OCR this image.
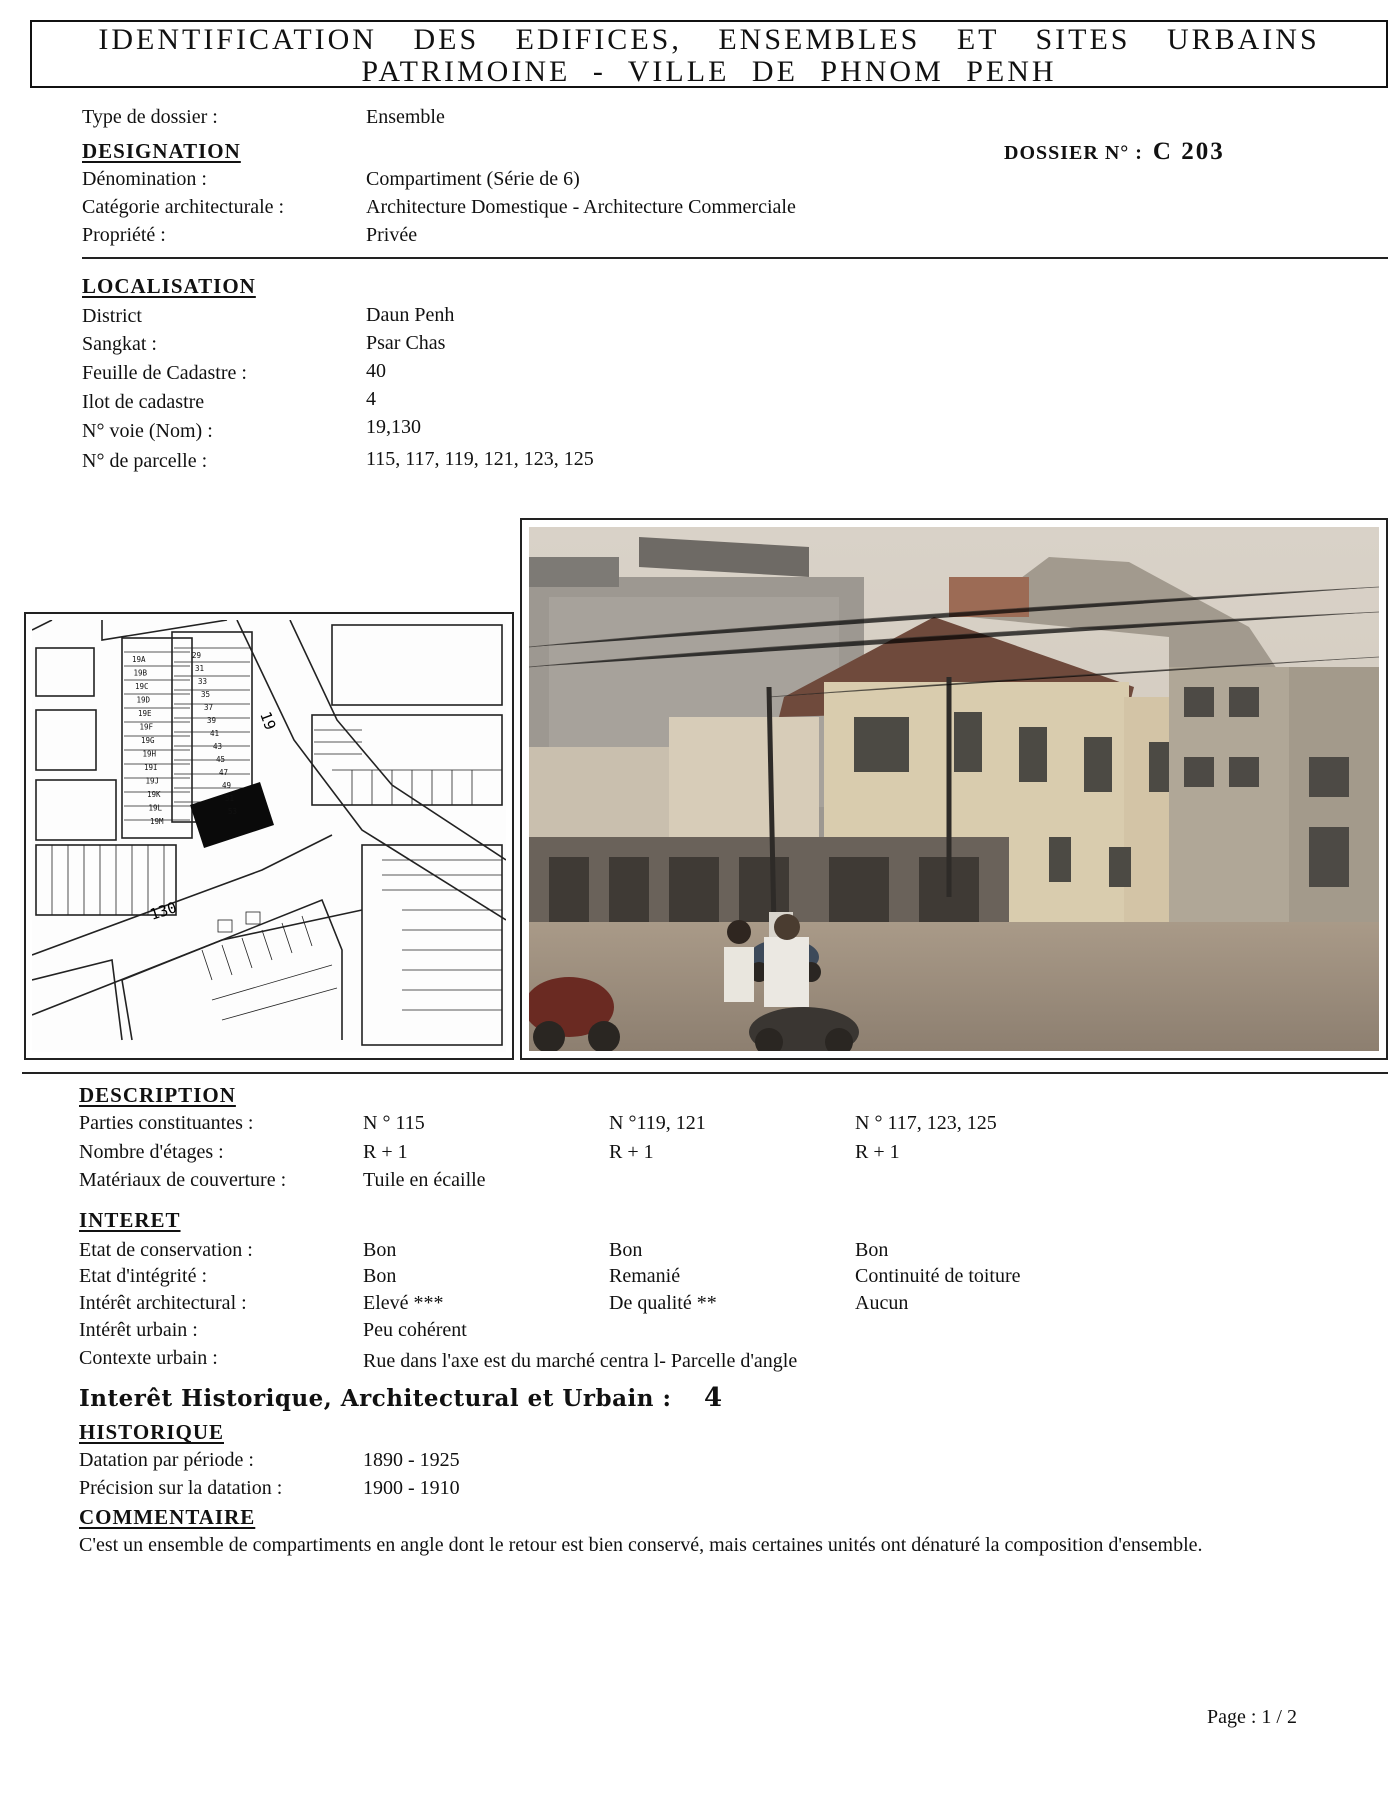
IDENTIFICATION DES EDIFICES, ENSEMBLES ET SITES URBAINS
PATRIMOINE - VILLE DE PHNOM PENH
Type de dossier :	Ensemble
DOSSIER N° : C 203
DESIGNATION
Dénomination :	Compartiment (Série de 6)
Catégorie architecturale :	Architecture Domestique - Architecture Commerciale
Propriété :	Privée
LOCALISATION
District	Daun Penh
Sangkat :	Psar Chas
Feuille de Cadastre :	40
Ilot de cadastre	4
N° voie (Nom) :	19,130
N° de parcelle :	115, 117, 119, 121, 123, 125
19
130
19A
19B
19C
19D
19E
19F
19G
19H
19I
19J
19K
19L
19M
29
31
33
35
37
39
41
43
45
47
49
51
53
DESCRIPTION
Parties constituantes :	N ° 115	N °119, 121	N ° 117, 123, 125
Nombre d'étages :	R + 1	R + 1	R + 1
Matériaux de couverture :	Tuile en écaille
INTERET
Etat de conservation :	Bon	Bon	Bon
Etat d'intégrité :	Bon	Remanié	Continuité de toiture
Intérêt architectural :	Elevé ***	De qualité **	Aucun
Intérêt urbain :	Peu cohérent
Contexte urbain :	Rue dans l'axe est du marché centra l- Parcelle d'angle
Interêt Historique, Architectural et Urbain : 4
HISTORIQUE
Datation par période :	1890 - 1925
Précision sur la datation :	1900 - 1910
COMMENTAIRE
C'est un ensemble de compartiments en angle dont le retour est bien conservé, mais certaines unités ont dénaturé la composition d'ensemble.
Page : 1 / 2
